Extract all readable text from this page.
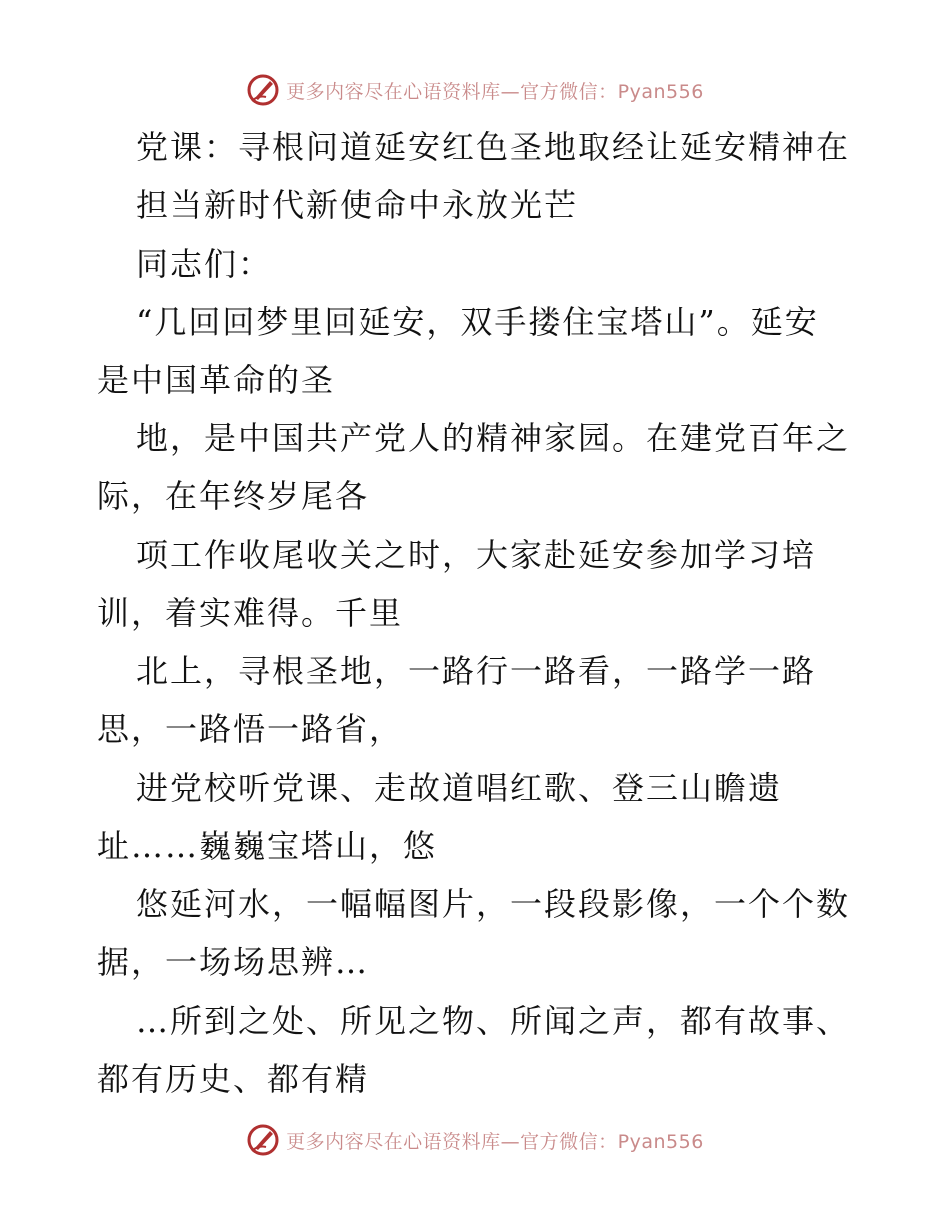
更多内容尽在心语资料库—官方微信：Pyan556
党课：寻根问道延安红色圣地取经让延安精神在
担当新时代新使命中永放光芒
同志们：
“几回回梦里回延安，双手搂住宝塔山”。延安
是中国革命的圣
地，是中国共产党人的精神家园。在建党百年之
际，在年终岁尾各
项工作收尾收关之时，大家赴延安参加学习培
训，着实难得。千里
北上，寻根圣地，一路行一路看，一路学一路
思，一路悟一路省，
进党校听党课、走故道唱红歌、登三山瞻遗
址……巍巍宝塔山，悠
悠延河水，一幅幅图片，一段段影像，一个个数
据，一场场思辨…
…所到之处、所见之物、所闻之声，都有故事、
都有历史、都有精
更多内容尽在心语资料库—官方微信：Pyan556
